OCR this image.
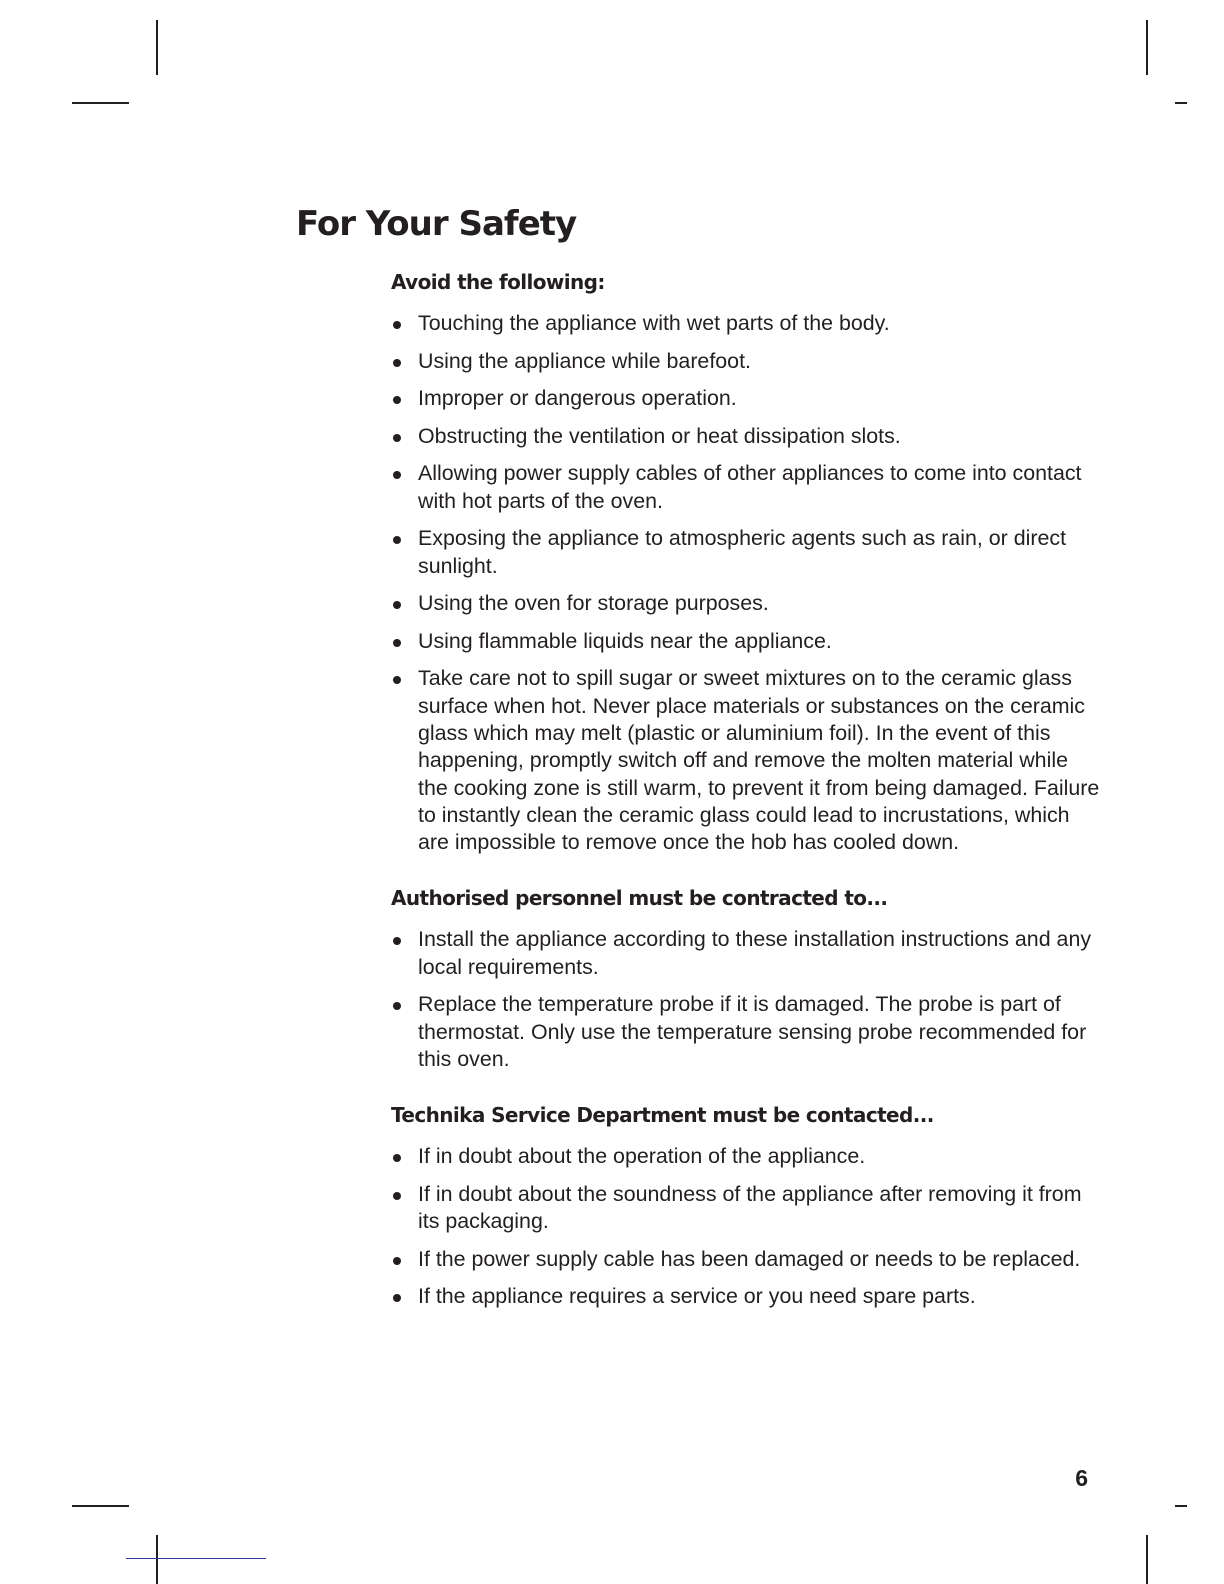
For Your Safety
Avoid the following:
Touching the appliance with wet parts of the body.
Using the appliance while barefoot.
Improper or dangerous operation.
Obstructing the ventilation or heat dissipation slots.
Allowing power supply cables of other appliances to come into contact with hot parts of the oven.
Exposing the appliance to atmospheric agents such as rain, or direct sunlight.
Using the oven for storage purposes.
Using flammable liquids near the appliance.
Take care not to spill sugar or sweet mixtures on to the ceramic glass surface when hot. Never place materials or substances on the ceramic glass which may melt (plastic or aluminium foil). In the event of this happening, promptly switch off and remove the molten material while the cooking zone is still warm, to prevent it from being damaged. Failure to instantly clean the ceramic glass could lead to incrustations, which are impossible to remove once the hob has cooled down.
Authorised personnel must be contracted to...
Install the appliance according to these installation instructions and any local requirements.
Replace the temperature probe if it is damaged. The probe is part of thermostat. Only use the temperature sensing probe recommended for this oven.
Technika Service Department must be contacted...
If in doubt about the operation of the appliance.
If in doubt about the soundness of the appliance after removing it from its packaging.
If the power supply cable has been damaged or needs to be replaced.
If the appliance requires a service or you need spare parts.
6
